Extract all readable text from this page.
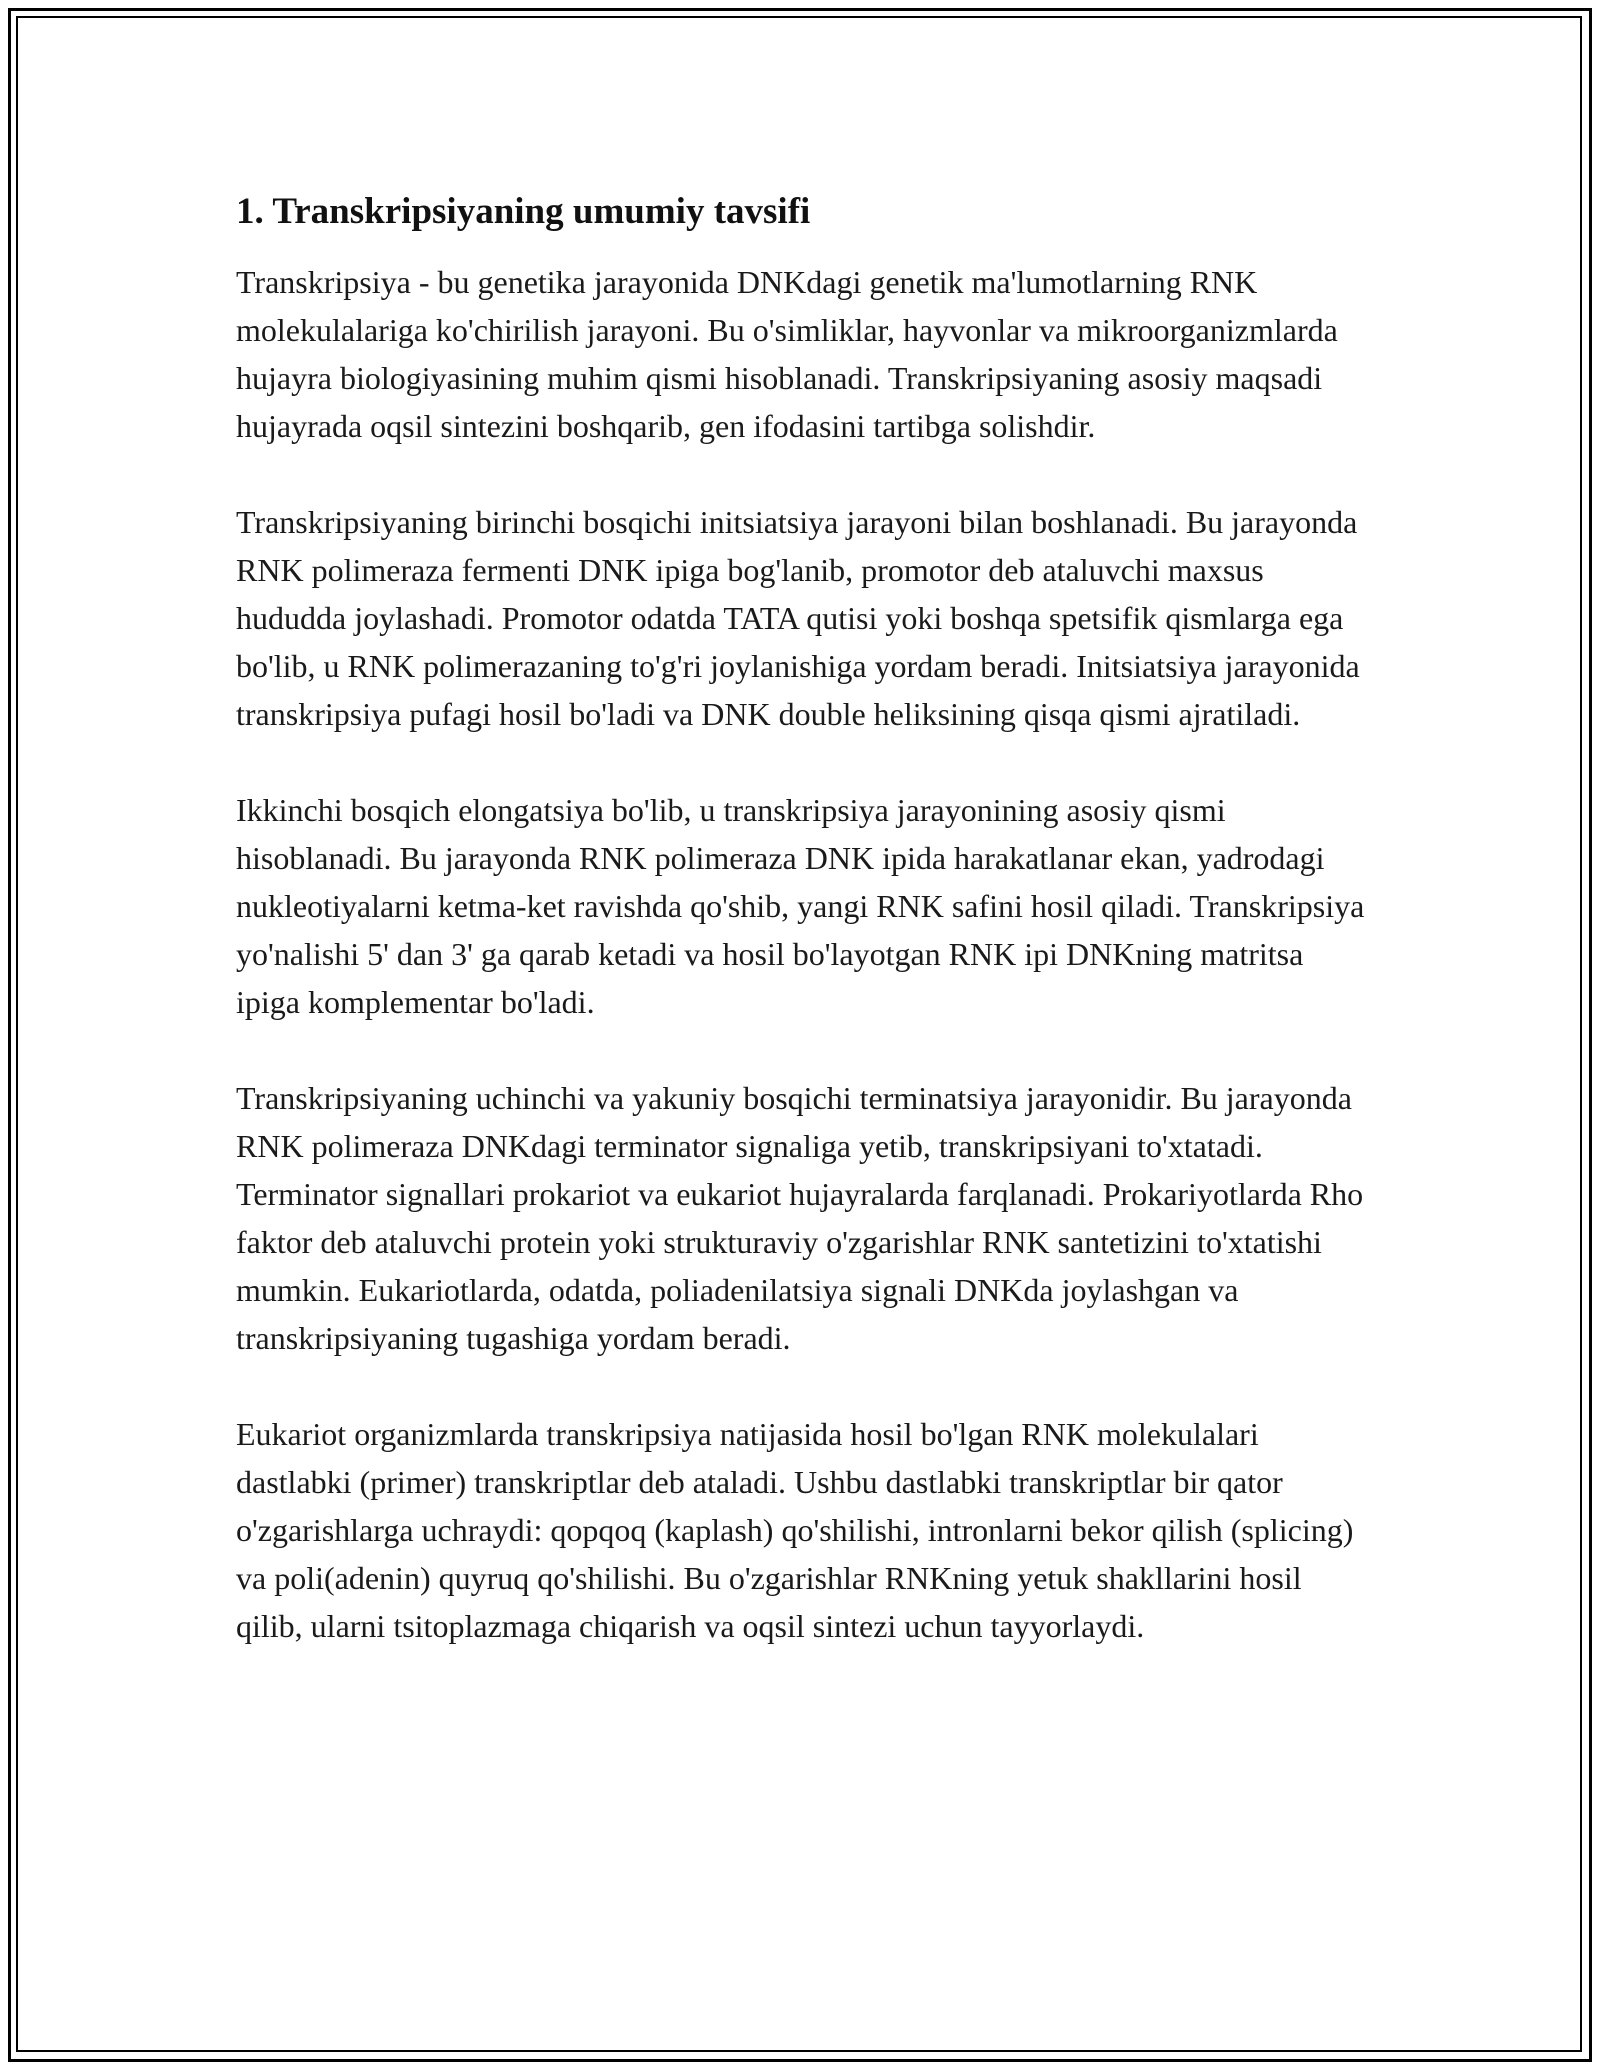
1. Transkripsiyaning umumiy tavsifi

Transkripsiya - bu genetika jarayonida DNKdagi genetik ma'lumotlarning RNK molekulalariga ko'chirilish jarayoni. Bu o'simliklar, hayvonlar va mikroorganizmlarda hujayra biologiyasining muhim qismi hisoblanadi. Transkripsiyaning asosiy maqsadi hujayrada oqsil sintezini boshqarib, gen ifodasini tartibga solishdir.

Transkripsiyaning birinchi bosqichi initsiatsiya jarayoni bilan boshlanadi. Bu jarayonda RNK polimeraza fermenti DNK ipiga bog'lanib, promotor deb ataluvchi maxsus hududda joylashadi. Promotor odatda TATA qutisi yoki boshqa spetsifik qismlarga ega bo'lib, u RNK polimerazaning to'g'ri joylanishiga yordam beradi. Initsiatsiya jarayonida transkripsiya pufagi hosil bo'ladi va DNK double heliksining qisqa qismi ajratiladi.

Ikkinchi bosqich elongatsiya bo'lib, u transkripsiya jarayonining asosiy qismi hisoblanadi. Bu jarayonda RNK polimeraza DNK ipida harakatlanar ekan, yadrodagi nukleotiyalarni ketma-ket ravishda qo'shib, yangi RNK safini hosil qiladi. Transkripsiya yo'nalishi 5' dan 3' ga qarab ketadi va hosil bo'layotgan RNK ipi DNKning matritsa ipiga komplementar bo'ladi.

Transkripsiyaning uchinchi va yakuniy bosqichi terminatsiya jarayonidir. Bu jarayonda RNK polimeraza DNKdagi terminator signaliga yetib, transkripsiyani to'xtatadi. Terminator signallari prokariot va eukariot hujayralarda farqlanadi. Prokariyotlarda Rho faktor deb ataluvchi protein yoki strukturaviy o'zgarishlar RNK santetizini to'xtatishi mumkin. Eukariotlarda, odatda, poliadenilatsiya signali DNKda joylashgan va transkripsiyaning tugashiga yordam beradi.

Eukariot organizmlarda transkripsiya natijasida hosil bo'lgan RNK molekulalari dastlabki (primer) transkriptlar deb ataladi. Ushbu dastlabki transkriptlar bir qator o'zgarishlarga uchraydi: qopqoq (kaplash) qo'shilishi, intronlarni bekor qilish (splicing) va poli(adenin) quyruq qo'shilishi. Bu o'zgarishlar RNKning yetuk shakllarini hosil qilib, ularni tsitoplazmaga chiqarish va oqsil sintezi uchun tayyorlaydi.
